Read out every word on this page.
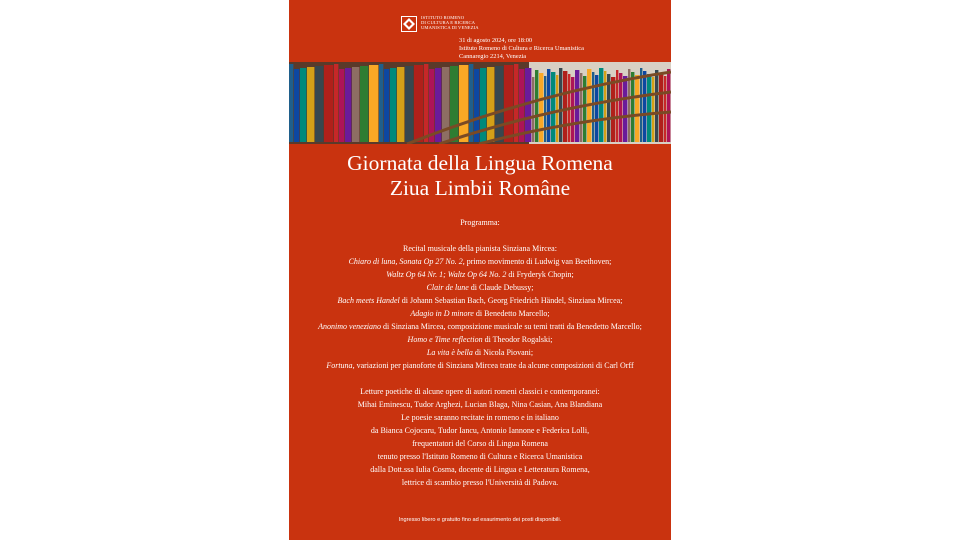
ISTITUTO ROMENO
DI CULTURA E RICERCA
UMANISTICA DI VENEZIA
31 di agosto 2024, ore 18:00
Istituto Romeno di Cultura e Ricerca Umanistica
Cannaregio 2214, Venezia
Giornata della Lingua Romena
Ziua Limbii Române
Programma:
Recital musicale della pianista Sinziana Mircea:
Chiaro di luna, Sonata Op 27 No. 2, primo movimento di Ludwig van Beethoven;
Waltz Op 64 Nr. 1; Waltz Op 64 No. 2 di Fryderyk Chopin;
Clair de lune di Claude Debussy;
Bach meets Handel di Johann Sebastian Bach, Georg Friedrich Händel, Sinziana Mircea;
Adagio in D minore di Benedetto Marcello;
Anonimo veneziano di Sinziana Mircea, composizione musicale su temi tratti da Benedetto Marcello;
Homo e Time reflection di Theodor Rogalski;
La vita è bella di Nicola Piovani;
Fortuna, variazioni per pianoforte di Sinziana Mircea tratte da alcune composizioni di Carl Orff
Letture poetiche di alcune opere di autori romeni classici e contemporanei:
Mihai Eminescu, Tudor Arghezi, Lucian Blaga, Nina Casian, Ana Blandiana
Le poesie saranno recitate in romeno e in italiano
da Bianca Cojocaru, Tudor Iancu, Antonio Iannone e Federica Lolli,
frequentatori del Corso di Lingua Romena
tenuto presso l'Istituto Romeno di Cultura e Ricerca Umanistica
dalla Dott.ssa Iulia Cosma, docente di Lingua e Letteratura Romena,
lettrice di scambio presso l'Università di Padova.
Ingresso libero e gratuito fino ad esaurimento dei posti disponibili.
